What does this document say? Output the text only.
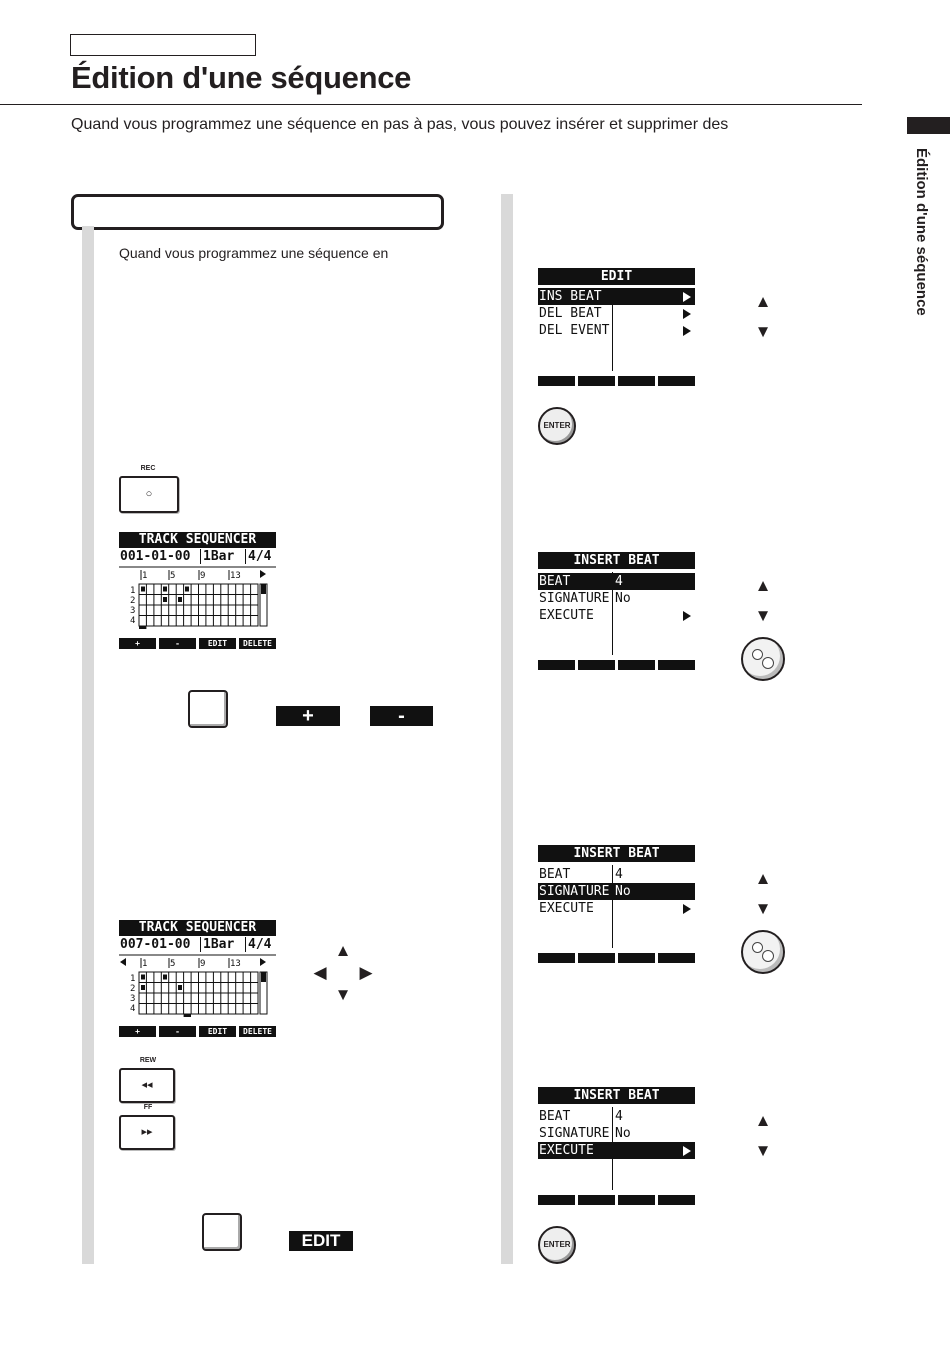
Édition d'une séquence
Quand vous programmez une séquence en pas à pas, vous pouvez insérer et supprimer des
Édition d'une séquence
Quand vous programmez une séquence en
REC
○
TRACK SEQUENCER
001-01-00 1Bar 4/4
1	5	9	13
1
2
3
4
+	-	EDIT	DELETE
+	-
TRACK SEQUENCER
007-01-00 1Bar 4/4
1	5	9	13
1
2
3
4
+	-	EDIT	DELETE
▲
◀ ▶
▼
REW
◂◂
FF
▸▸
EDIT
EDIT
INS BEAT
DEL BEAT
DEL EVENT
▲
▼
ENTER
INSERT BEAT
BEAT	4
SIGNATURE No
EXECUTE
▲
▼
INSERT BEAT
BEAT	4
SIGNATURE No
EXECUTE
▲
▼
INSERT BEAT
BEAT	4
SIGNATURE No
EXECUTE
▲
▼
ENTER
